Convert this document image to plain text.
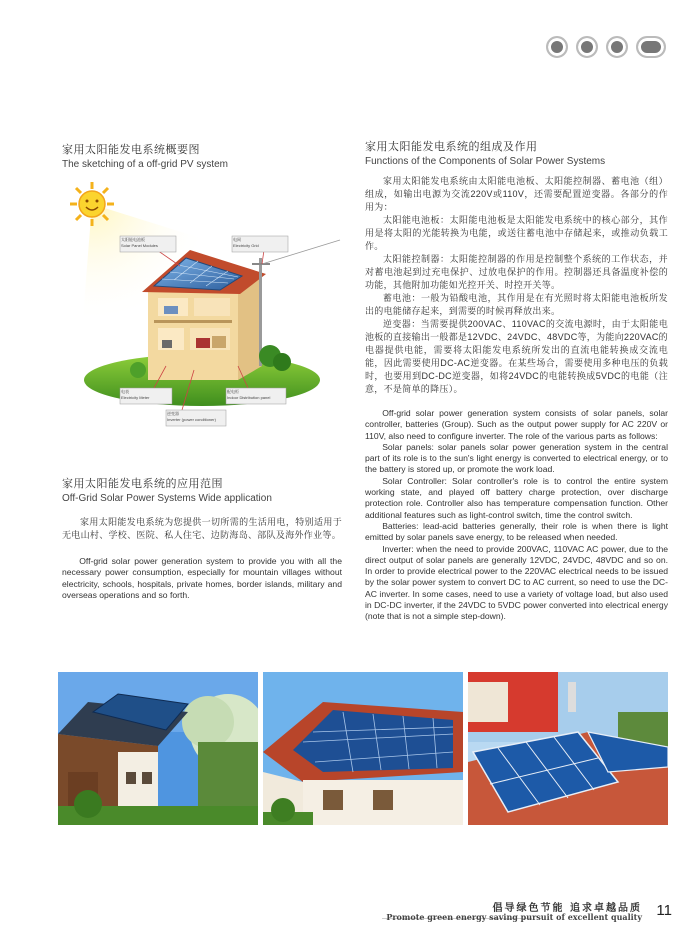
家用太阳能发电系统概要图
The sketching of a off-grid PV system
太阳能电池板
Solar Panel Modules
电网
Electricity Grid
电表
Electricity Meter
配电柜
Indoor Distribution panel
逆变器
Inverter (power conditioner)
家用太阳能发电系统的应用范围
Off-Grid Solar Power Systems Wide application

家用太阳能发电系统为您提供一切所需的生活用电，特别适用于无电山村、学校、医院、私人住宅、边防海岛、部队及海外作业等。

Off-grid solar power generation system to provide you with all the necessary power consumption, especially for mountain villages without electricity, schools, hospitals, private homes, border islands, military and overseas operations and so forth.

家用太阳能发电系统的组成及作用
Functions of the Components of Solar Power Systems

家用太阳能发电系统由太阳能电池板、太阳能控制器、蓄电池（组）组成，如输出电源为交流220V或110V，还需要配置逆变器。各部分的作用为：

太阳能电池板：太阳能电池板是太阳能发电系统中的核心部分，其作用是将太阳的光能转换为电能，或送往蓄电池中存储起来，或推动负载工作。

太阳能控制器：太阳能控制器的作用是控制整个系统的工作状态，并对蓄电池起到过充电保护、过放电保护的作用。控制器还具备温度补偿的功能，其他附加功能如光控开关、时控开关等。

蓄电池：一般为铅酸电池，其作用是在有光照时将太阳能电池板所发出的电能储存起来，到需要的时候再释放出来。

逆变器：当需要提供200VAC、110VAC的交流电源时，由于太阳能电池板的直接输出一般都是12VDC、24VDC、48VDC等，为能向220VAC的电器提供电能，需要将太阳能发电系统所发出的直流电能转换成交流电能，因此需要使用DC-AC逆变器。在某些场合，需要使用多种电压的负载时，也要用到DC-DC逆变器，如将24VDC的电能转换成5VDC的电能（注意，不是简单的降压）。

Off-grid solar power generation system consists of solar panels, solar controller, batteries (Group). Such as the output power supply for AC 220V or 110V, also need to configure inverter. The role of the various parts as follows:

Solar panels: solar panels solar power generation system in the central part of its role is to the sun's light energy is converted to electrical energy, or to the battery is stored up, or promote the work load.

Solar Controller: Solar controller's role is to control the entire system working state, and played off battery charge protection, over discharge protection role. Controller also has temperature compensation function. Other additional features such as light-control switch, time the control switch.

Batteries: lead-acid batteries generally, their role is when there is light emitted by solar panels save energy, to be released when needed.

Inverter: when the need to provide 200VAC, 110VAC AC power, due to the direct output of solar panels are generally 12VDC, 24VDC, 48VDC and so on. In order to provide electrical power to the 220VAC electrical needs to be issued by the solar power system to convert DC to AC current, so need to use the DC-AC inverter. In some cases, need to use a variety of voltage load, but also used in DC-DC inverter, if the 24VDC to 5VDC power converted into electrical energy (note that is not a simple step-down).

倡导绿色节能 追求卓越品质
Promote green energy saving pursuit of excellent quality 11
